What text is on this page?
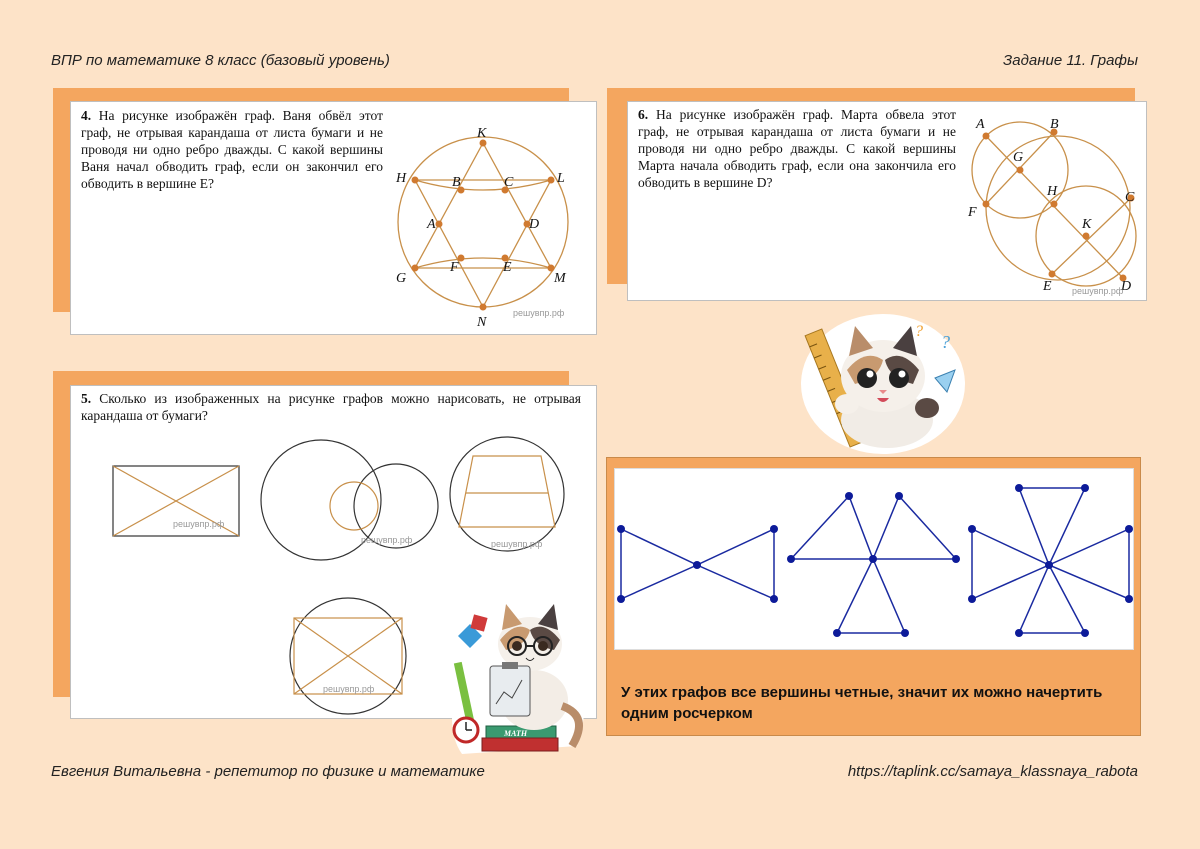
ВПР по математике 8 класс (базовый уровень)	Задание 11. Графы
4. На рисунке изображён граф. Ваня обвёл этот граф, не отрывая карандаша от листа бумаги и не проводя ни одно ребро дважды. С какой вершины Ваня начал обводить граф, если он закончил его обводить в вершине E?
K
H	L
B	C
A	D
F	E
G	M
N
решувпр.рф
6. На рисунке изображён граф. Марта обвела этот граф, не отрывая карандаша от листа бумаги и не проводя ни одно ребро дважды. С какой вершины Марта начала обводить граф, если она закончила его обводить в вершине D?
A	B
G
H	C
F
K
E	D
решувпр.рф
5. Сколько из изображенных на рисунке графов можно нарисовать, не отрывая карандаша от бумаги?
решувпр.рф
решувпр.рф	решувпр.рф
решувпр.рф	У этих графов все вершины четные, значит их можно начертить одним росчерком
?
?
MATH
Евгения Витальевна - репетитор по физике и математике	https://taplink.cc/samaya_klassnaya_rabota
